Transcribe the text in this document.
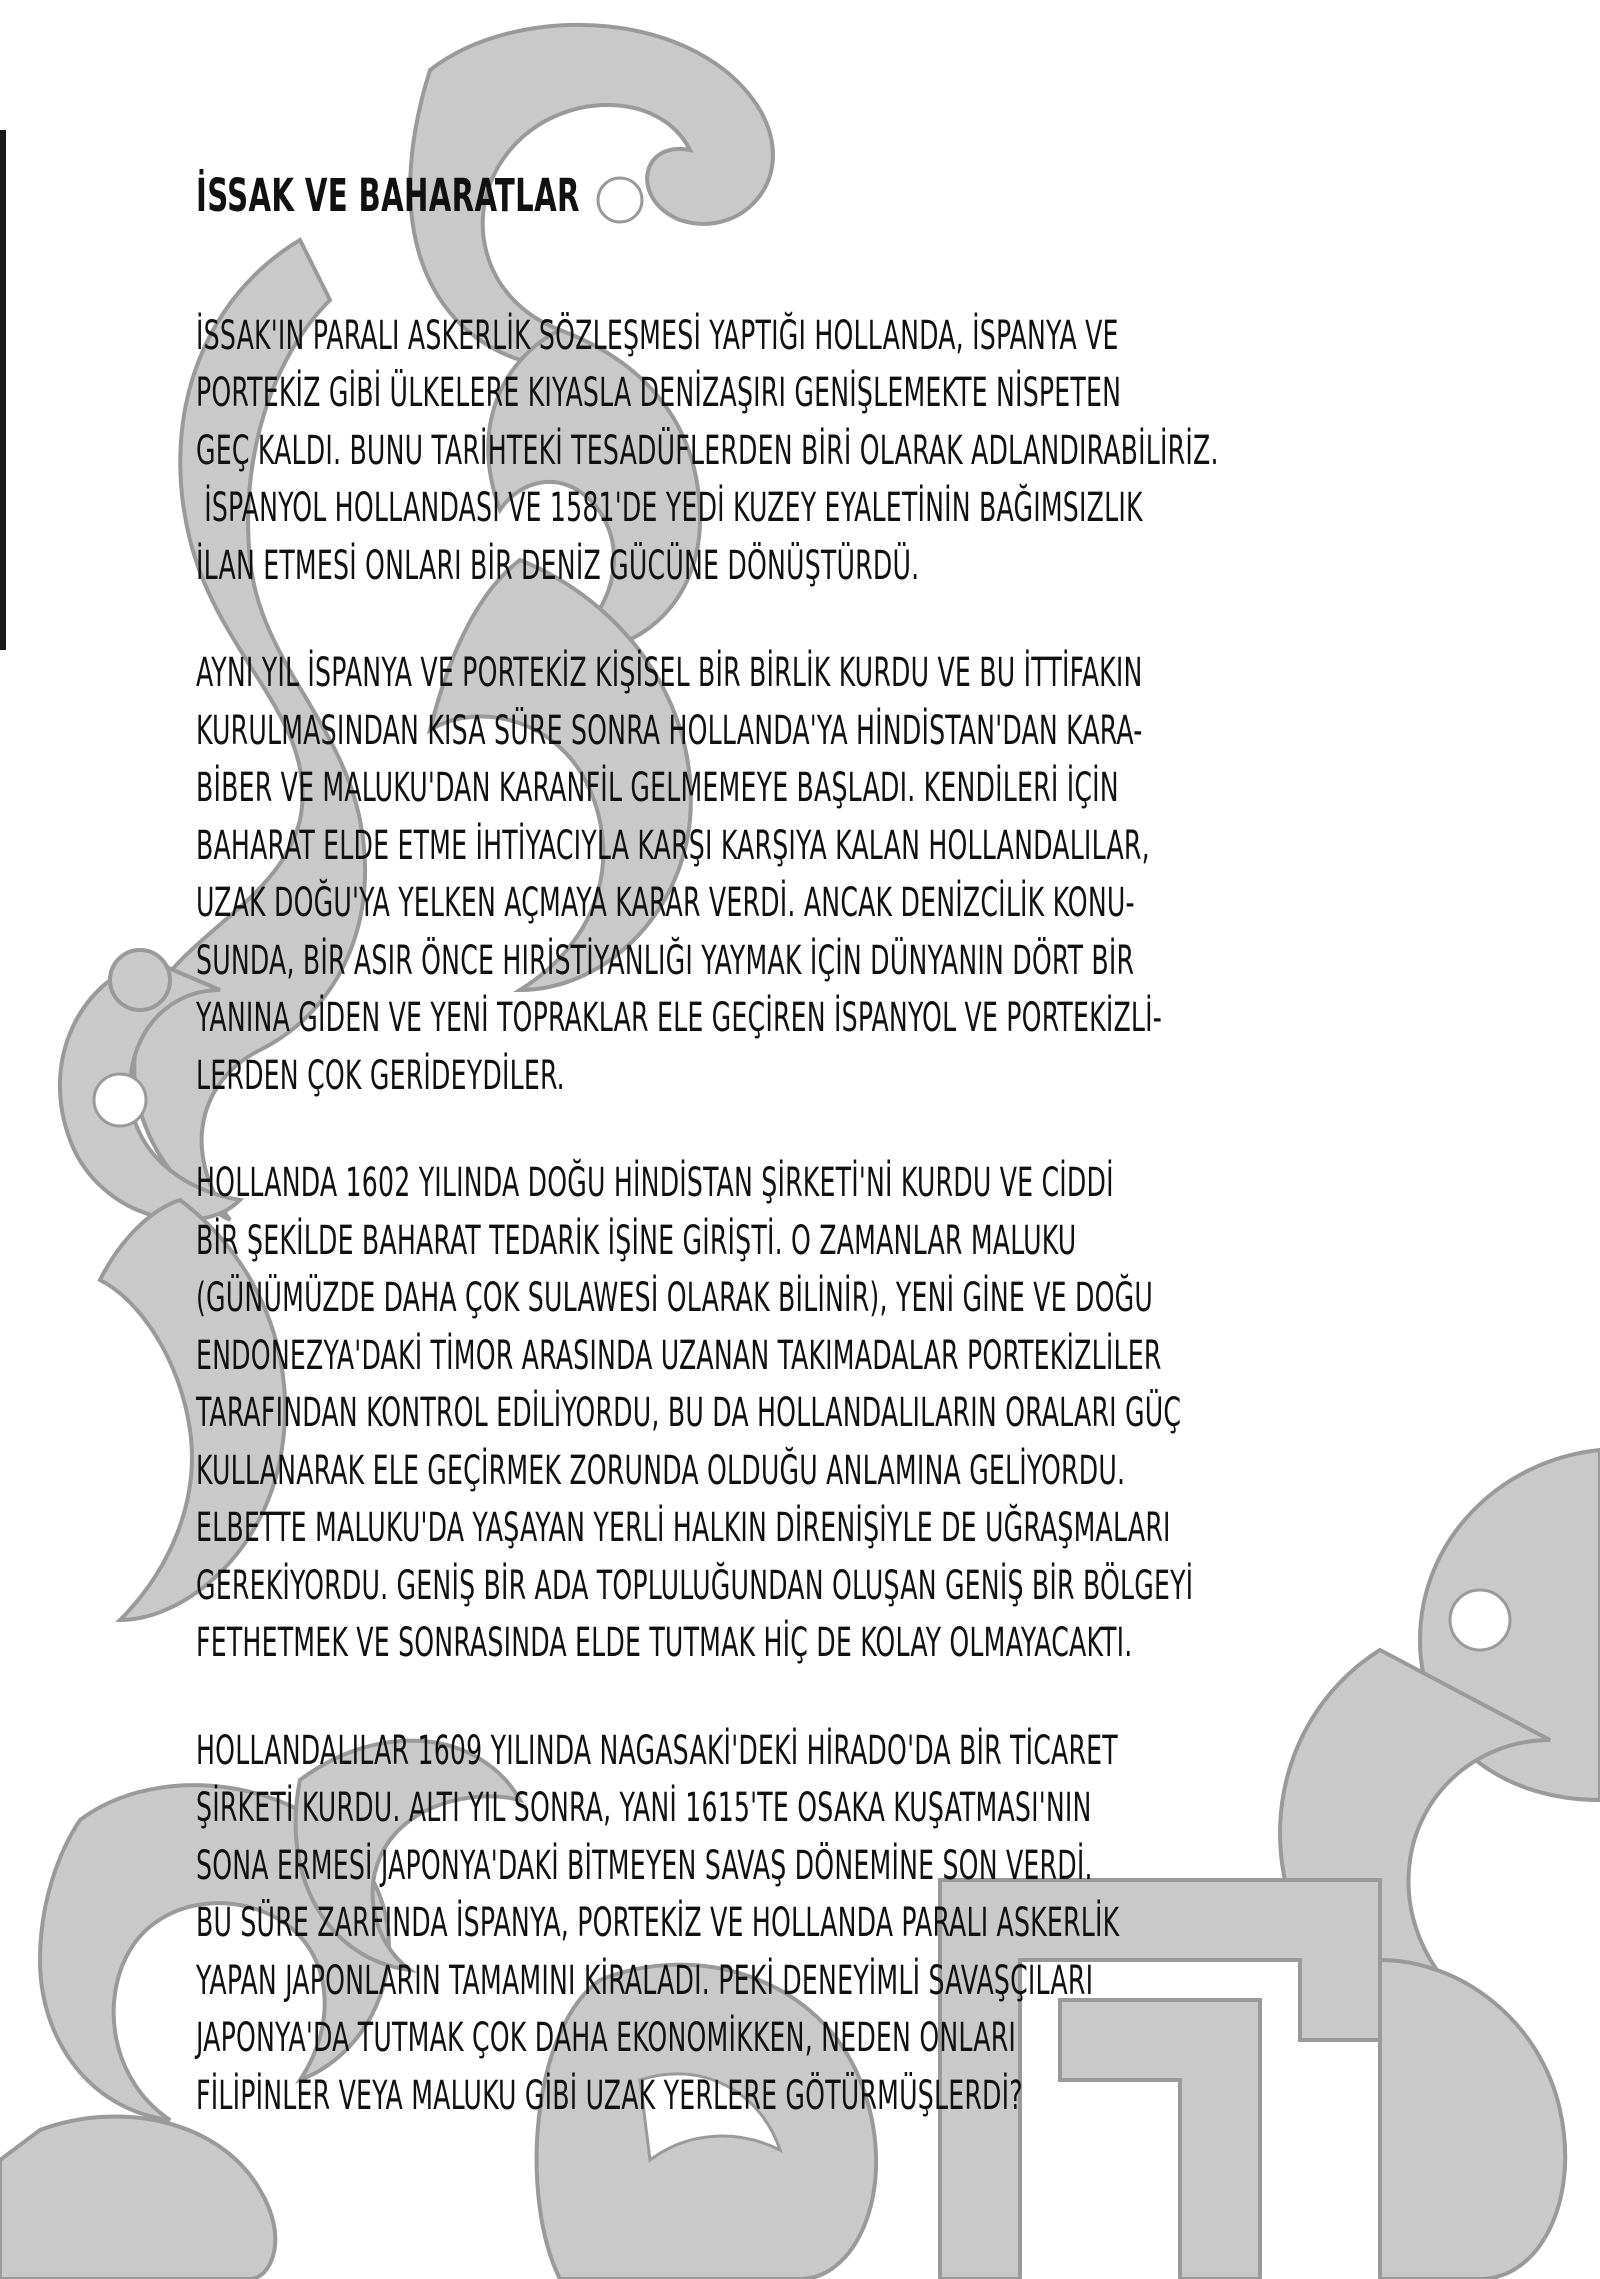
İSSAK VE BAHARATLAR
İSSAK'IN PARALI ASKERLİK SÖZLEŞMESİ YAPTIĞI HOLLANDA, İSPANYA VE
PORTEKİZ GİBİ ÜLKELERE KIYASLA DENİZAŞIRI GENİŞLEMEKTE NİSPETEN
GEÇ KALDI. BUNU TARİHTEKİ TESADÜFLERDEN BİRİ OLARAK ADLANDIRABİLİRİZ.
İSPANYOL HOLLANDASI VE 1581'DE YEDİ KUZEY EYALETİNİN BAĞIMSIZLIK
İLAN ETMESİ ONLARI BİR DENİZ GÜCÜNE DÖNÜŞTÜRDÜ.
AYNI YIL İSPANYA VE PORTEKİZ KİŞİSEL BİR BİRLİK KURDU VE BU İTTİFAKIN
KURULMASINDAN KISA SÜRE SONRA HOLLANDA'YA HİNDİSTAN'DAN KARA-
BİBER VE MALUKU'DAN KARANFİL GELMEMEYE BAŞLADI. KENDİLERİ İÇİN
BAHARAT ELDE ETME İHTİYACIYLA KARŞI KARŞIYA KALAN HOLLANDALILAR,
UZAK DOĞU'YA YELKEN AÇMAYA KARAR VERDİ. ANCAK DENİZCİLİK KONU-
SUNDA, BİR ASIR ÖNCE HIRİSTİYANLIĞI YAYMAK İÇİN DÜNYANIN DÖRT BİR
YANINA GİDEN VE YENİ TOPRAKLAR ELE GEÇİREN İSPANYOL VE PORTEKİZLİ-
LERDEN ÇOK GERİDEYDİLER.
HOLLANDA 1602 YILINDA DOĞU HİNDİSTAN ŞİRKETİ'Nİ KURDU VE CİDDİ
BİR ŞEKİLDE BAHARAT TEDARİK İŞİNE GİRİŞTİ. O ZAMANLAR MALUKU
(GÜNÜMÜZDE DAHA ÇOK SULAWESİ OLARAK BİLİNİR), YENİ GİNE VE DOĞU
ENDONEZYA'DAKİ TİMOR ARASINDA UZANAN TAKIMADALAR PORTEKİZLİLER
TARAFINDAN KONTROL EDİLİYORDU, BU DA HOLLANDALILARIN ORALARI GÜÇ
KULLANARAK ELE GEÇİRMEK ZORUNDA OLDUĞU ANLAMINA GELİYORDU.
ELBETTE MALUKU'DA YAŞAYAN YERLİ HALKIN DİRENİŞİYLE DE UĞRAŞMALARI
GEREKİYORDU. GENİŞ BİR ADA TOPLULUĞUNDAN OLUŞAN GENİŞ BİR BÖLGEYİ
FETHETMEK VE SONRASINDA ELDE TUTMAK HİÇ DE KOLAY OLMAYACAKTI.
HOLLANDALILAR 1609 YILINDA NAGASAKİ'DEKİ HİRADO'DA BİR TİCARET
ŞİRKETİ KURDU. ALTI YIL SONRA, YANİ 1615'TE OSAKA KUŞATMASI'NIN
SONA ERMESİ JAPONYA'DAKİ BİTMEYEN SAVAŞ DÖNEMİNE SON VERDİ.
BU SÜRE ZARFINDA İSPANYA, PORTEKİZ VE HOLLANDA PARALI ASKERLİK
YAPAN JAPONLARIN TAMAMINI KİRALADI. PEKİ DENEYİMLİ SAVAŞÇILARI
JAPONYA'DA TUTMAK ÇOK DAHA EKONOMİKKEN, NEDEN ONLARI
FİLİPİNLER VEYA MALUKU GİBİ UZAK YERLERE GÖTÜRMÜŞLERDİ?
